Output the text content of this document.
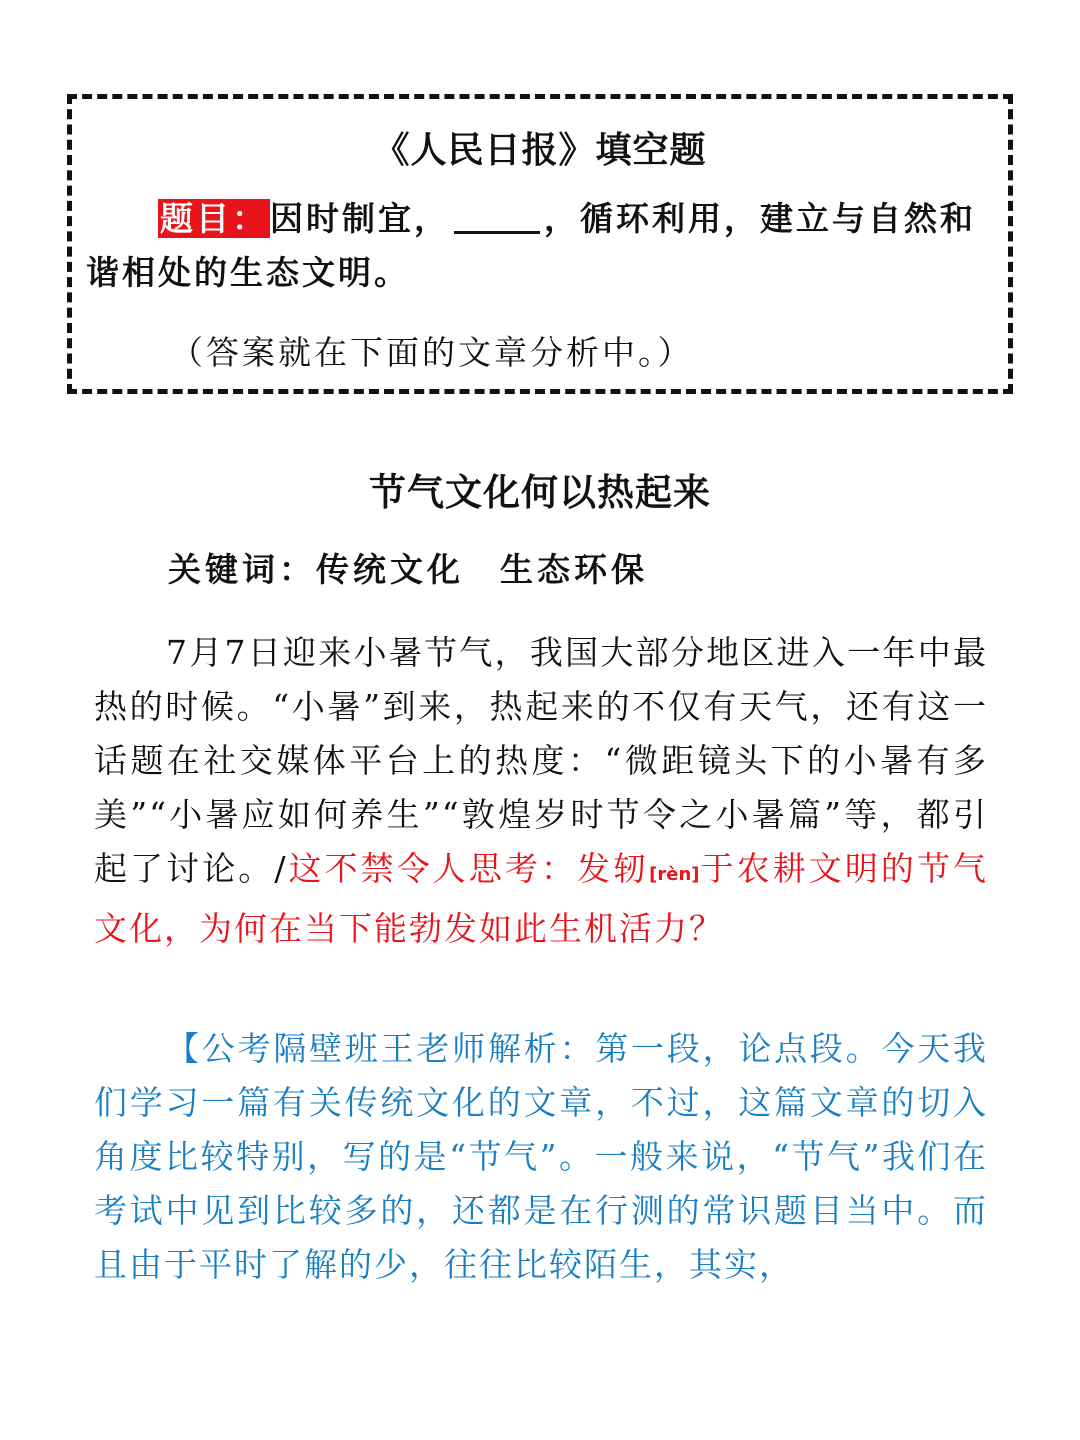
《人民日报》填空题
题目：因时制宜，	，循环利用，建立与自然和谐相处的生态文明。
（答案就在下面的文章分析中。）
节气文化何以热起来
关键词：传统文化 生态环保
7月7日迎来小暑节气，我国大部分地区进入一年中最热的时候。“小暑”到来，热起来的不仅有天气，还有这一话题在社交媒体平台上的热度：“微距镜头下的小暑有多美”“小暑应如何养生”“敦煌岁时节令之小暑篇”等，都引起了讨论。/这不禁令人思考：发轫[rèn]于农耕文明的节气文化，为何在当下能勃发如此生机活力？
【公考隔壁班王老师解析：第一段，论点段。今天我们学习一篇有关传统文化的文章，不过，这篇文章的切入角度比较特别，写的是“节气”。一般来说，“节气”我们在考试中见到比较多的，还都是在行测的常识题目当中。而且由于平时了解的少，往往比较陌生，其实，
